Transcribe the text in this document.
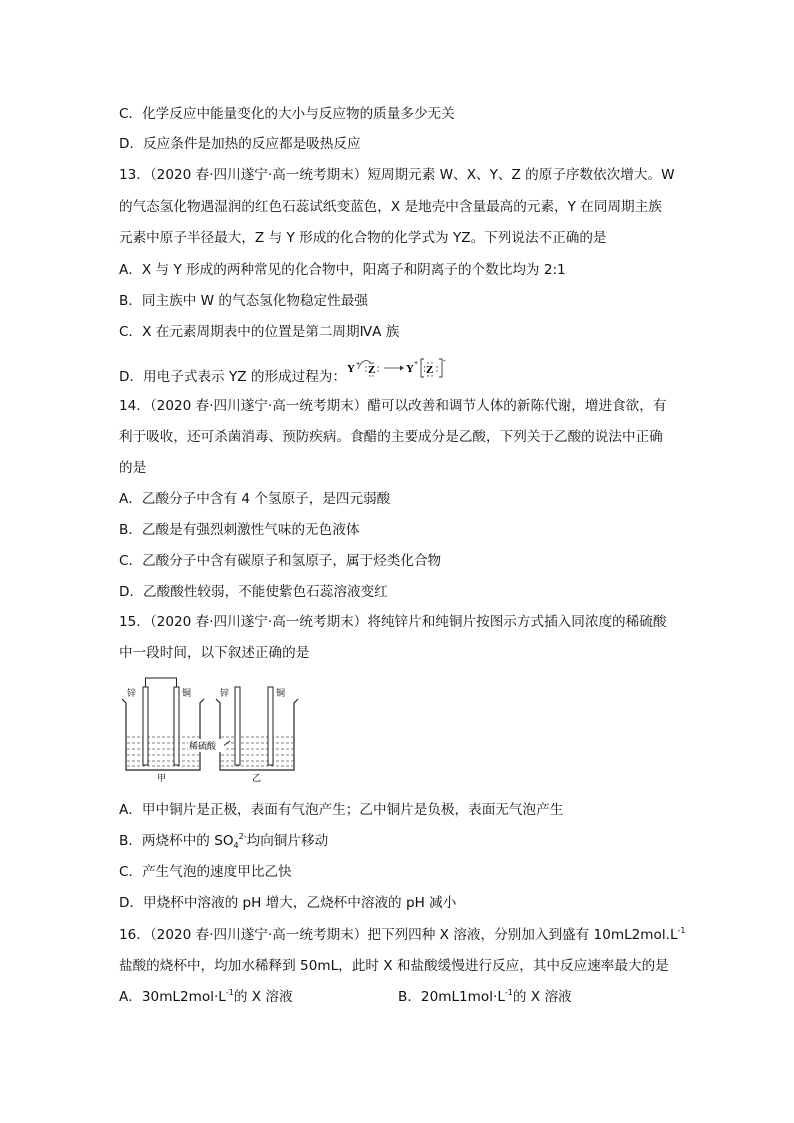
C．化学反应中能量变化的大小与反应物的质量多少无关
D．反应条件是加热的反应都是吸热反应
13．（2020 春·四川遂宁·高一统考期末）短周期元素 W、X、Y、Z 的原子序数依次增大。W
的气态氢化物遇湿润的红色石蕊试纸变蓝色，X 是地壳中含量最高的元素，Y 在同周期主族
元素中原子半径最大，Z 与 Y 形成的化合物的化学式为 YZ。下列说法不正确的是
A．X 与 Y 形成的两种常见的化合物中，阳离子和阴离子的个数比均为 2:1
B．同主族中 W 的气态氢化物稳定性最强
C．X 在元素周期表中的位置是第二周期ⅣA 族
D．用电子式表示 YZ 的形成过程为： Y + Z	Y +
Z
-
14．（2020 春·四川遂宁·高一统考期末）醋可以改善和调节人体的新陈代谢，增进食欲，有
利于吸收，还可杀菌消毒、预防疾病。食醋的主要成分是乙酸，下列关于乙酸的说法中正确
的是
A．乙酸分子中含有 4 个氢原子，是四元弱酸
B．乙酸是有强烈刺激性气味的无色液体
C．乙酸分子中含有碳原子和氢原子，属于烃类化合物
D．乙酸酸性较弱，不能使紫色石蕊溶液变红
15．（2020 春·四川遂宁·高一统考期末）将纯锌片和纯铜片按图示方式插入同浓度的稀硫酸
中一段时间，以下叙述正确的是
锌	铜	锌	铜
稀硫酸
甲	乙
A．甲中铜片是正极，表面有气泡产生；乙中铜片是负极，表面无气泡产生
B．两烧杯中的 $SO_4^{2-}$均向铜片移动
C．产生气泡的速度甲比乙快
D．甲烧杯中溶液的 pH 增大，乙烧杯中溶液的 pH 减小
16．（2020 春·四川遂宁·高一统考期末）把下列四种 X 溶液，分别加入到盛有 $10mL2mol.L^{-1}$
盐酸的烧杯中，均加水稀释到 50mL，此时 X 和盐酸缓慢进行反应，其中反应速率最大的是
A．$30mL2mol\cdot L^{-1}$的 X 溶液	B．$20mL1mol\cdot L^{-1}$的 X 溶液
